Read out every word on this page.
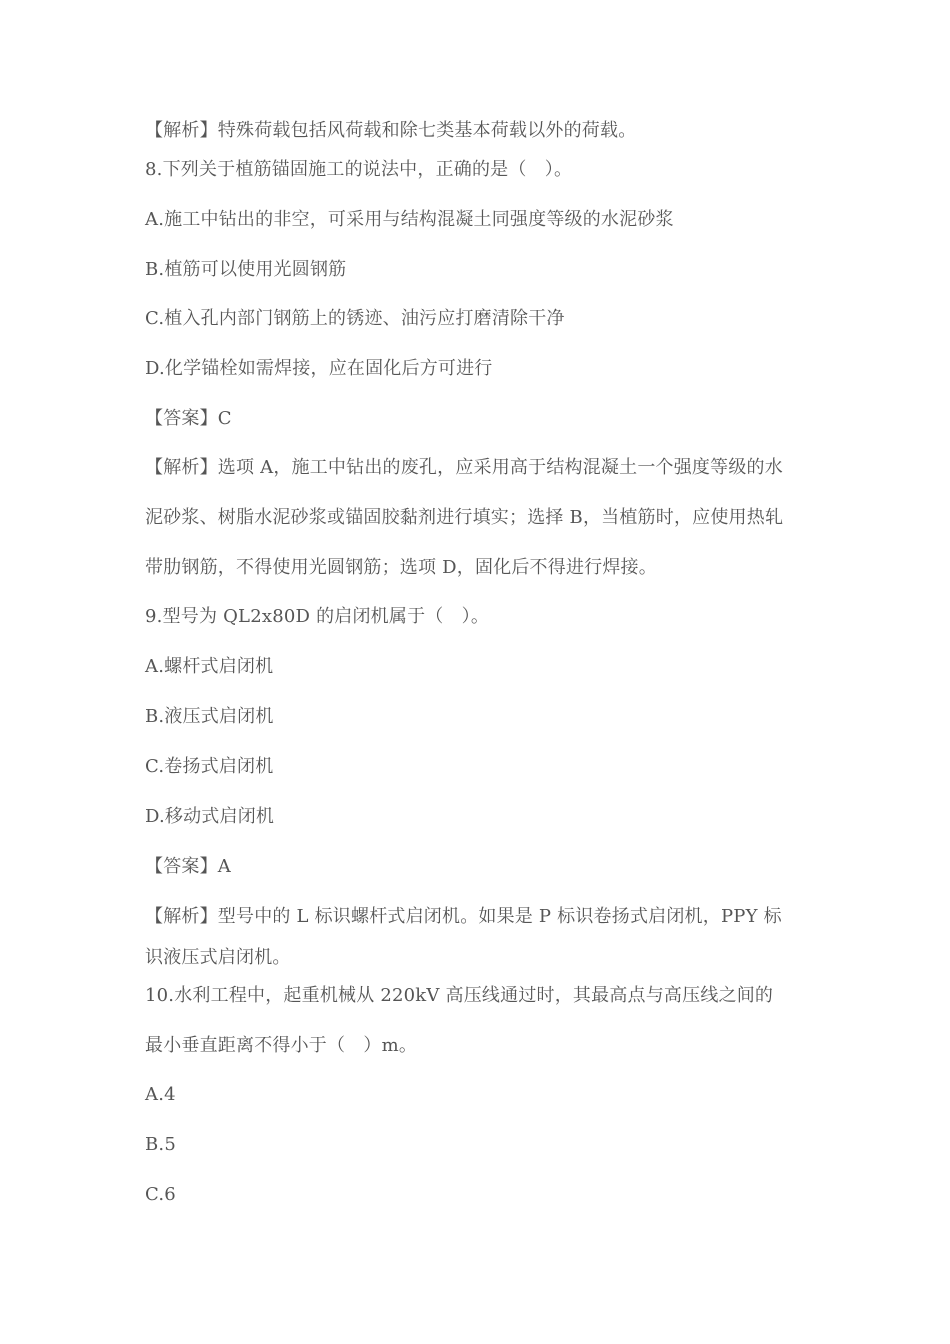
【解析】特殊荷载包括风荷载和除七类基本荷载以外的荷载。
8.下列关于植筋锚固施工的说法中，正确的是（　）。
A.施工中钻出的非空，可采用与结构混凝土同强度等级的水泥砂浆
B.植筋可以使用光圆钢筋
C.植入孔内部门钢筋上的锈迹、油污应打磨清除干净
D.化学锚栓如需焊接，应在固化后方可进行
【答案】C
【解析】选项 A，施工中钻出的废孔，应采用高于结构混凝土一个强度等级的水
泥砂浆、树脂水泥砂浆或锚固胶黏剂进行填实；选择 B，当植筋时，应使用热轧
带肋钢筋，不得使用光圆钢筋；选项 D，固化后不得进行焊接。
9.型号为 QL2x80D 的启闭机属于（　）。
A.螺杆式启闭机
B.液压式启闭机
C.卷扬式启闭机
D.移动式启闭机
【答案】A
【解析】型号中的 L 标识螺杆式启闭机。如果是 P 标识卷扬式启闭机，PPY 标
识液压式启闭机。
10.水利工程中，起重机械从 220kV 高压线通过时，其最高点与高压线之间的
最小垂直距离不得小于（　）m。
A.4
B.5
C.6
